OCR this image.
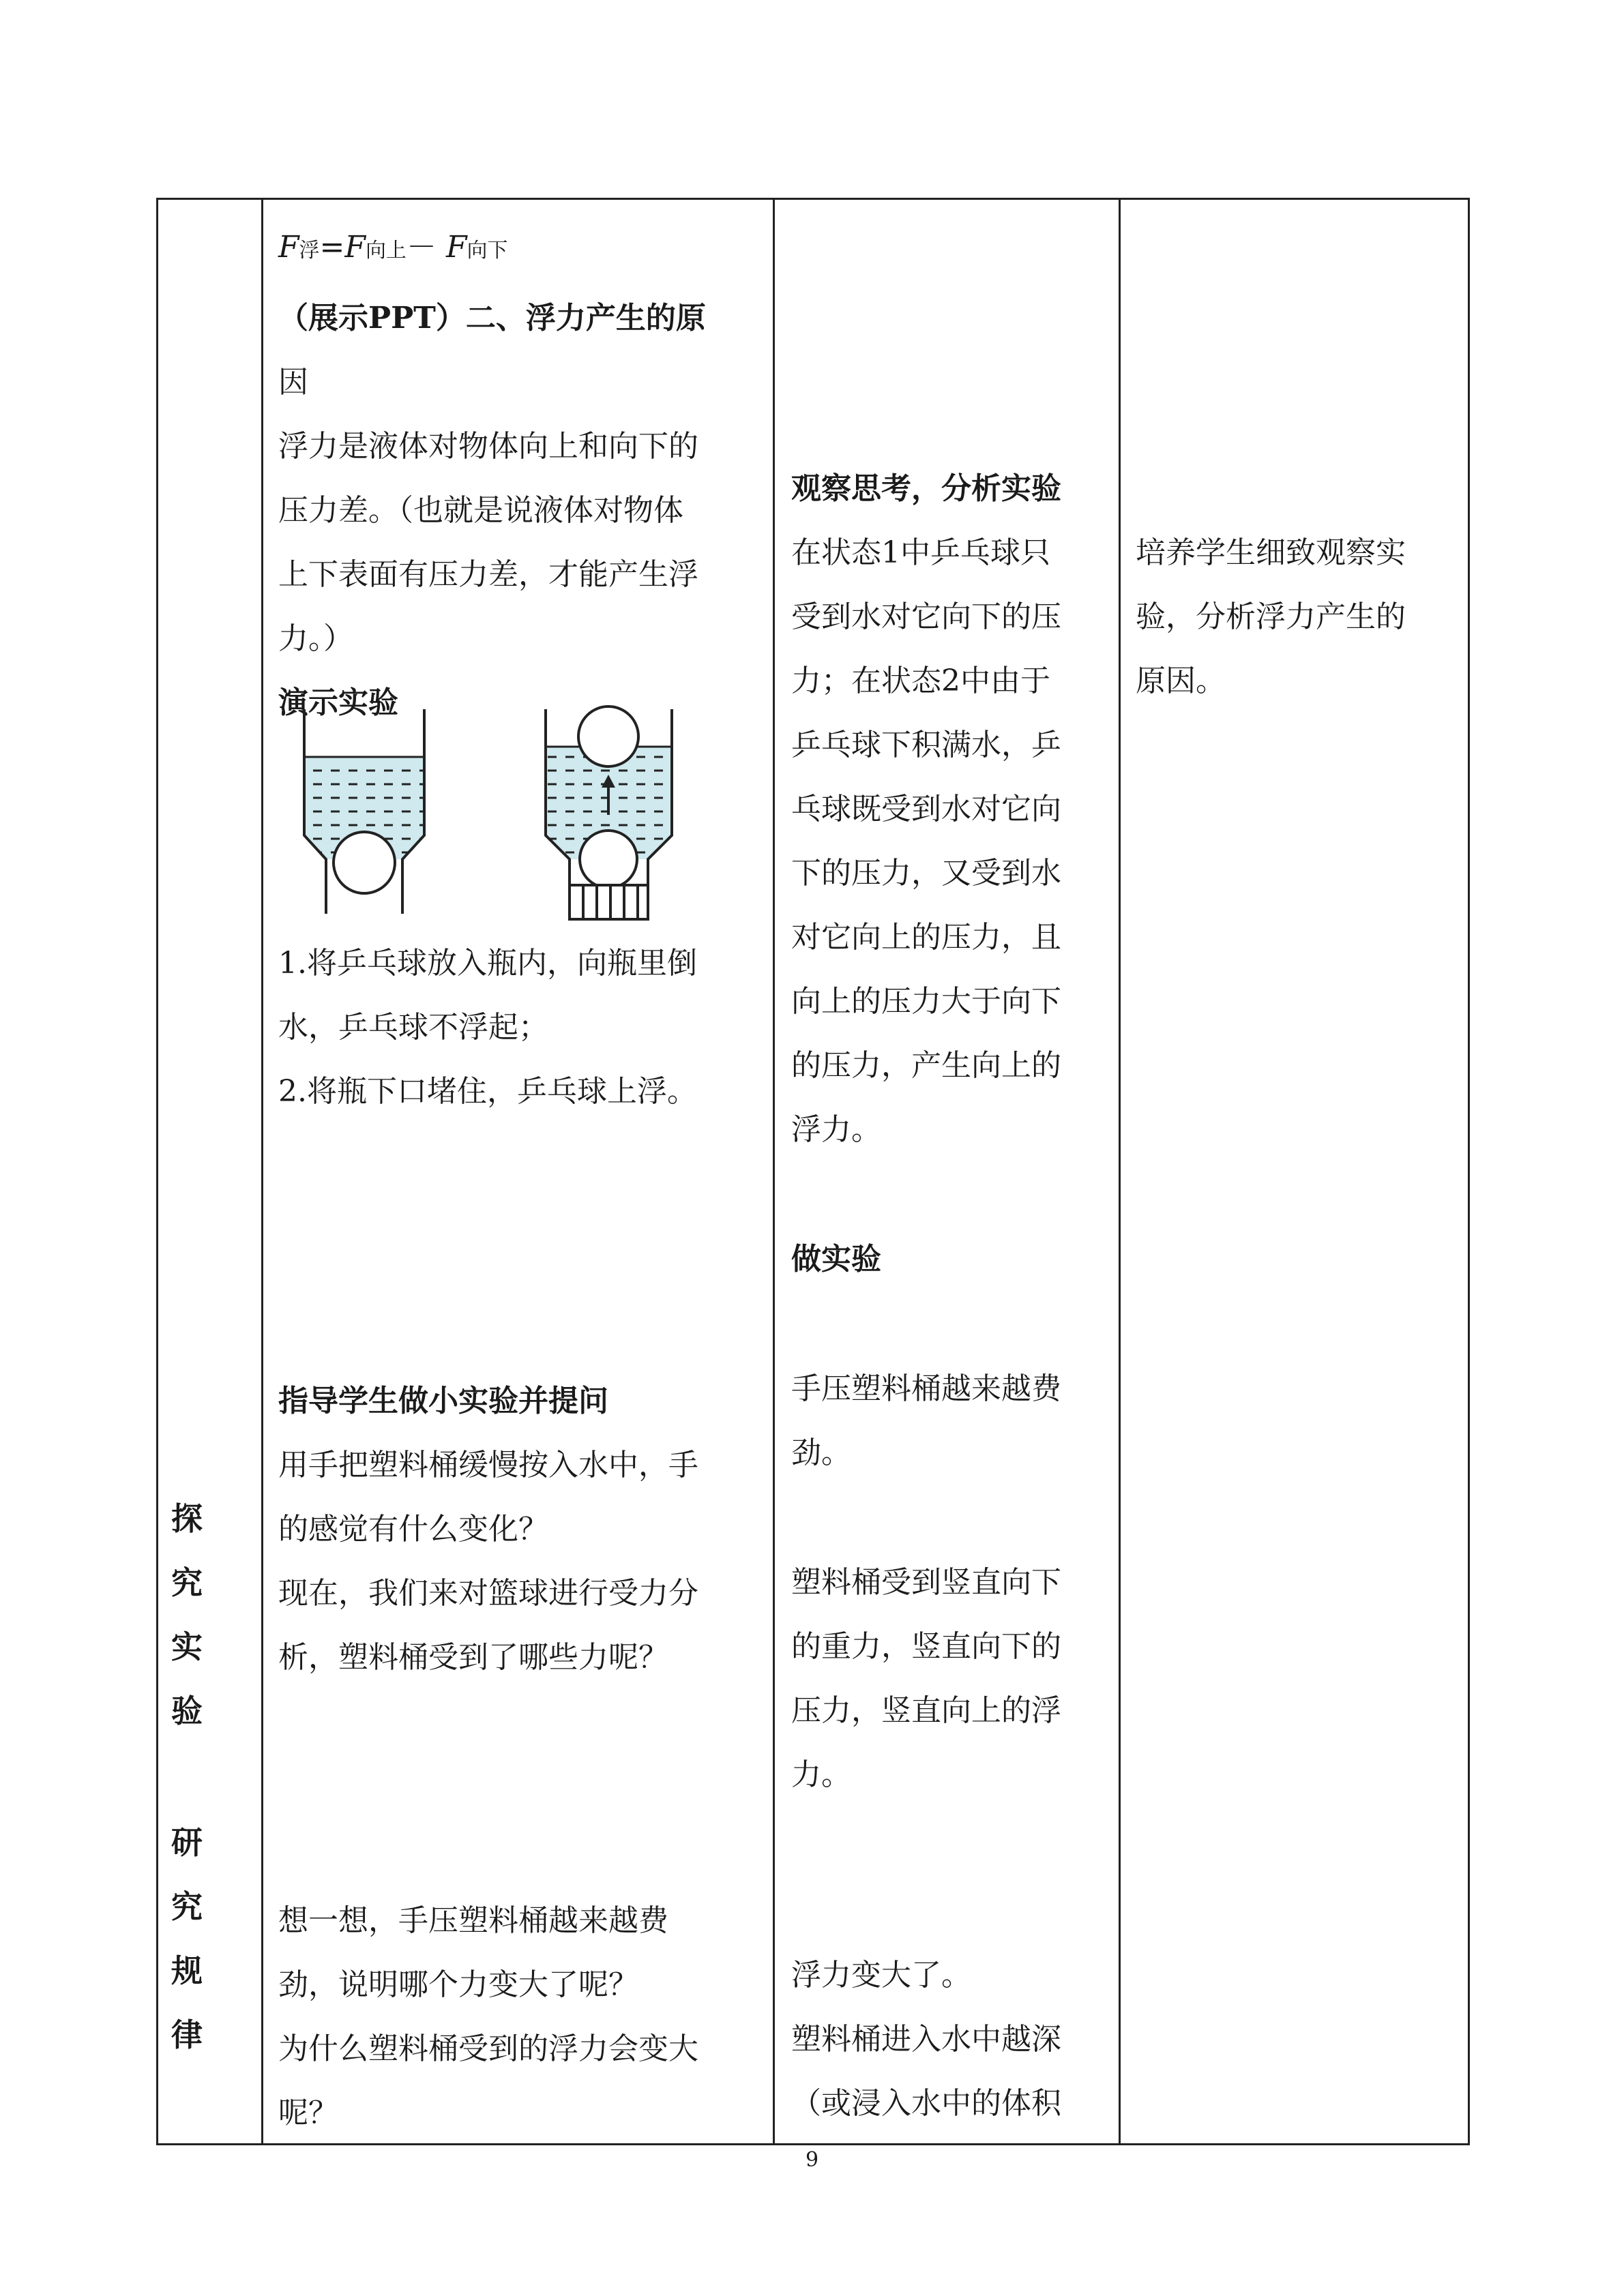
探
究
实
验
研
究
规
律
F浮=F向上－ F向下
（展示PPT）二、浮力产生的原
因
浮力是液体对物体向上和向下的
压力差。（也就是说液体对物体
上下表面有压力差，才能产生浮
力。）
演示实验
1.将乒乓球放入瓶内，向瓶里倒
水，乒乓球不浮起；
2.将瓶下口堵住，乒乓球上浮。
指导学生做小实验并提问
用手把塑料桶缓慢按入水中，手
的感觉有什么变化？
现在，我们来对篮球进行受力分
析，塑料桶受到了哪些力呢？
想一想，手压塑料桶越来越费
劲，说明哪个力变大了呢？
为什么塑料桶受到的浮力会变大
呢？
观察思考，分析实验
在状态1中乒乓球只
受到水对它向下的压
力；在状态2中由于
乒乓球下积满水，乒
乓球既受到水对它向
下的压力，又受到水
对它向上的压力，且
向上的压力大于向下
的压力，产生向上的
浮力。
做实验
手压塑料桶越来越费
劲。
塑料桶受到竖直向下
的重力，竖直向下的
压力，竖直向上的浮
力。
浮力变大了。
塑料桶进入水中越深
（或浸入水中的体积
培养学生细致观察实
验，分析浮力产生的
原因。
9
